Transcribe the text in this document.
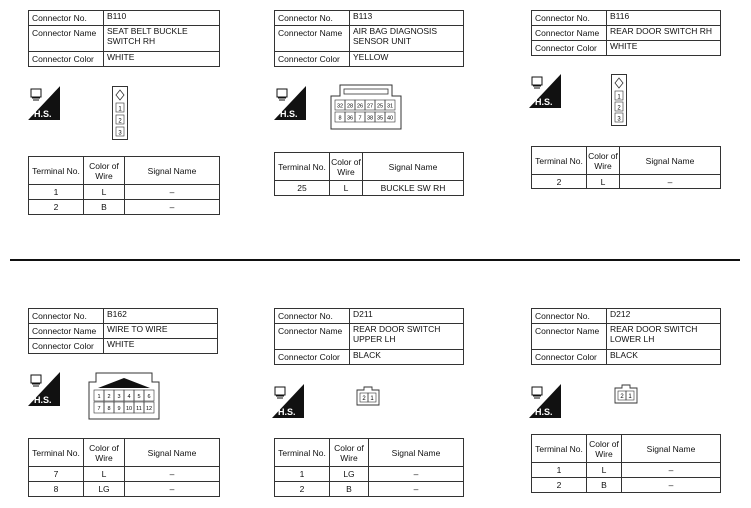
Connector No.	B110
Connector Name	SEAT BELT BUCKLE
SWITCH RH
Connector Color	WHITE
H.S.	1
2
3
Terminal No.	Color of
Wire	Signal Name
1	L	–
2	B	–
Connector No.	B113
Connector Name	AIR BAG DIAGNOSIS
SENSOR UNIT
Connector Color	YELLOW
H.S.
32 28 26 27 25 31
8 36 7 38 35 40
Terminal No.	Color of
Wire	Signal Name
25	L	BUCKLE SW RH
Connector No.	B116
Connector Name	REAR DOOR SWITCH RH
Connector Color	WHITE
H.S.	1
2
3
Terminal No.	Color of
Wire	Signal Name
2	L	–
Connector No.	B162
Connector Name	WIRE TO WIRE
Connector Color	WHITE
H.S.	1 2 3 4 5 6
7 8 9 10 11 12
Terminal No.	Color of
Wire	Signal Name
7	L	–
8	LG	–
Connector No.	D211
Connector Name	REAR DOOR SWITCH
UPPER LH
Connector Color	BLACK
H.S.
2 1
Terminal No.	Color of
Wire	Signal Name
1	LG	–
2	B	–
Connector No.	D212
Connector Name	REAR DOOR SWITCH
LOWER LH
Connector Color	BLACK
H.S.
2 1
Terminal No.	Color of
Wire	Signal Name
1	L	–
2	B	–
